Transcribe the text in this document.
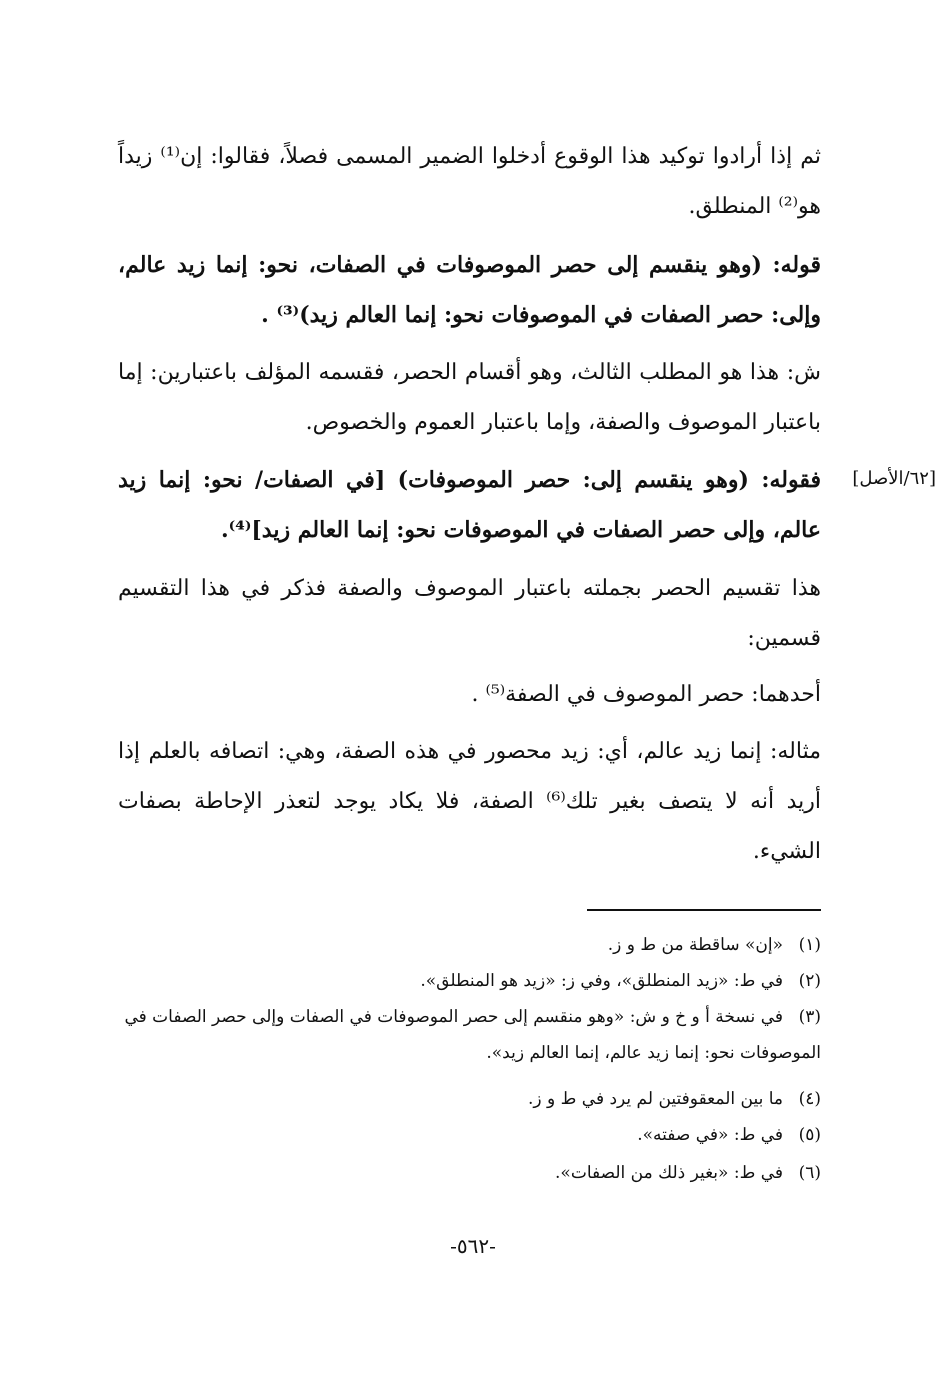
ثم إذا أرادوا توكيد هذا الوقوع أدخلوا الضمير المسمى فصلاً، فقالوا: إن⁽¹⁾ زيداً هو⁽²⁾ المنطلق.

قوله: (وهو ينقسم إلى حصر الموصوفات في الصفات، نحو: إنما زيد عالم، وإلى: حصر الصفات في الموصوفات نحو: إنما العالم زيد)⁽³⁾ .

ش: هذا هو المطلب الثالث، وهو أقسام الحصر، فقسمه المؤلف باعتبارين: إما باعتبار الموصوف والصفة، وإما باعتبار العموم والخصوص.

[٦٢/الأصل]

فقوله: (وهو ينقسم إلى: حصر الموصوفات) [في الصفات/ نحو: إنما زيد عالم، وإلى حصر الصفات في الموصوفات نحو: إنما العالم زيد]⁽⁴⁾.

هذا تقسيم الحصر بجملته باعتبار الموصوف والصفة فذكر في هذا التقسيم قسمين:

أحدهما: حصر الموصوف في الصفة⁽⁵⁾ .

مثاله: إنما زيد عالم، أي: زيد محصور في هذه الصفة، وهي: اتصافه بالعلم إذا أريد أنه لا يتصف بغير تلك⁽⁶⁾ الصفة، فلا يكاد يوجد لتعذر الإحاطة بصفات الشيء.

(١)«إن» ساقطة من ط و ز.
(٢)في ط: «زيد المنطلق»، وفي ز: «زيد هو المنطلق».
(٣)في نسخة أ و خ و ش: «وهو منقسم إلى حصر الموصوفات في الصفات وإلى حصر الصفات في الموصوفات نحو: إنما زيد عالم، إنما العالم زيد».
(٤)ما بين المعقوفتين لم يرد في ط و ز.
(٥)في ط: «في صفته».
(٦)في ط: «بغير ذلك من الصفات».
-٥٦٢-
